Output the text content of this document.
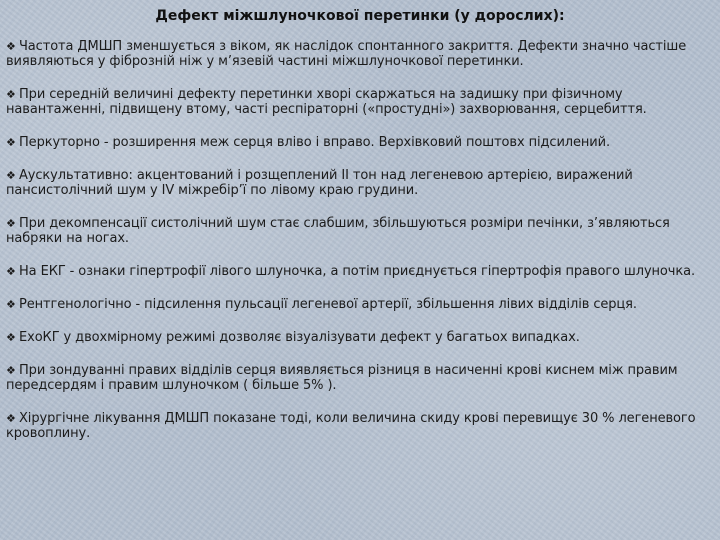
Дефект міжшлуночкової перетинки (у дорослих):
❖ Частота ДМШП зменшується з віком, як наслідок спонтанного закриття. Дефекти значно частіше виявляються у фіброзній ніж у м’язевій частині міжшлуночкової перетинки.
❖ При середній величині дефекту перетинки хворі скаржаться на задишку при фізичному навантаженні, підвищену втому, часті респіраторні («простудні») захворювання, серцебиття.
❖ Перкуторно - розширення меж серця вліво і вправо. Верхівковий поштовх підсилений.
❖ Аускультативно: акцентований і розщеплений ІІ тон над легеневою артерією, виражений пансистолічний шум у ІV міжребір’ї по лівому краю грудини.
❖ При декомпенсації систолічний шум стає слабшим, збільшуються розміри печінки, з’являються набряки на ногах.
❖ На ЕКГ - ознаки гіпертрофії лівого шлуночка, а потім приєднується гіпертрофія правого шлуночка.
❖ Рентгенологічно - підсилення пульсації легеневої артерії, збільшення лівих відділів серця.
❖ ЕхоКГ у двохмірному режимі дозволяє візуалізувати дефект у багатьох випадках.
❖ При зондуванні правих відділів серця виявляється різниця в насиченні крові киснем між правим передсердям і правим шлуночком ( більше 5% ).
❖ Хірургічне лікування ДМШП показане тоді, коли величина скиду крові перевищує 30 % легеневого кровоплину.
